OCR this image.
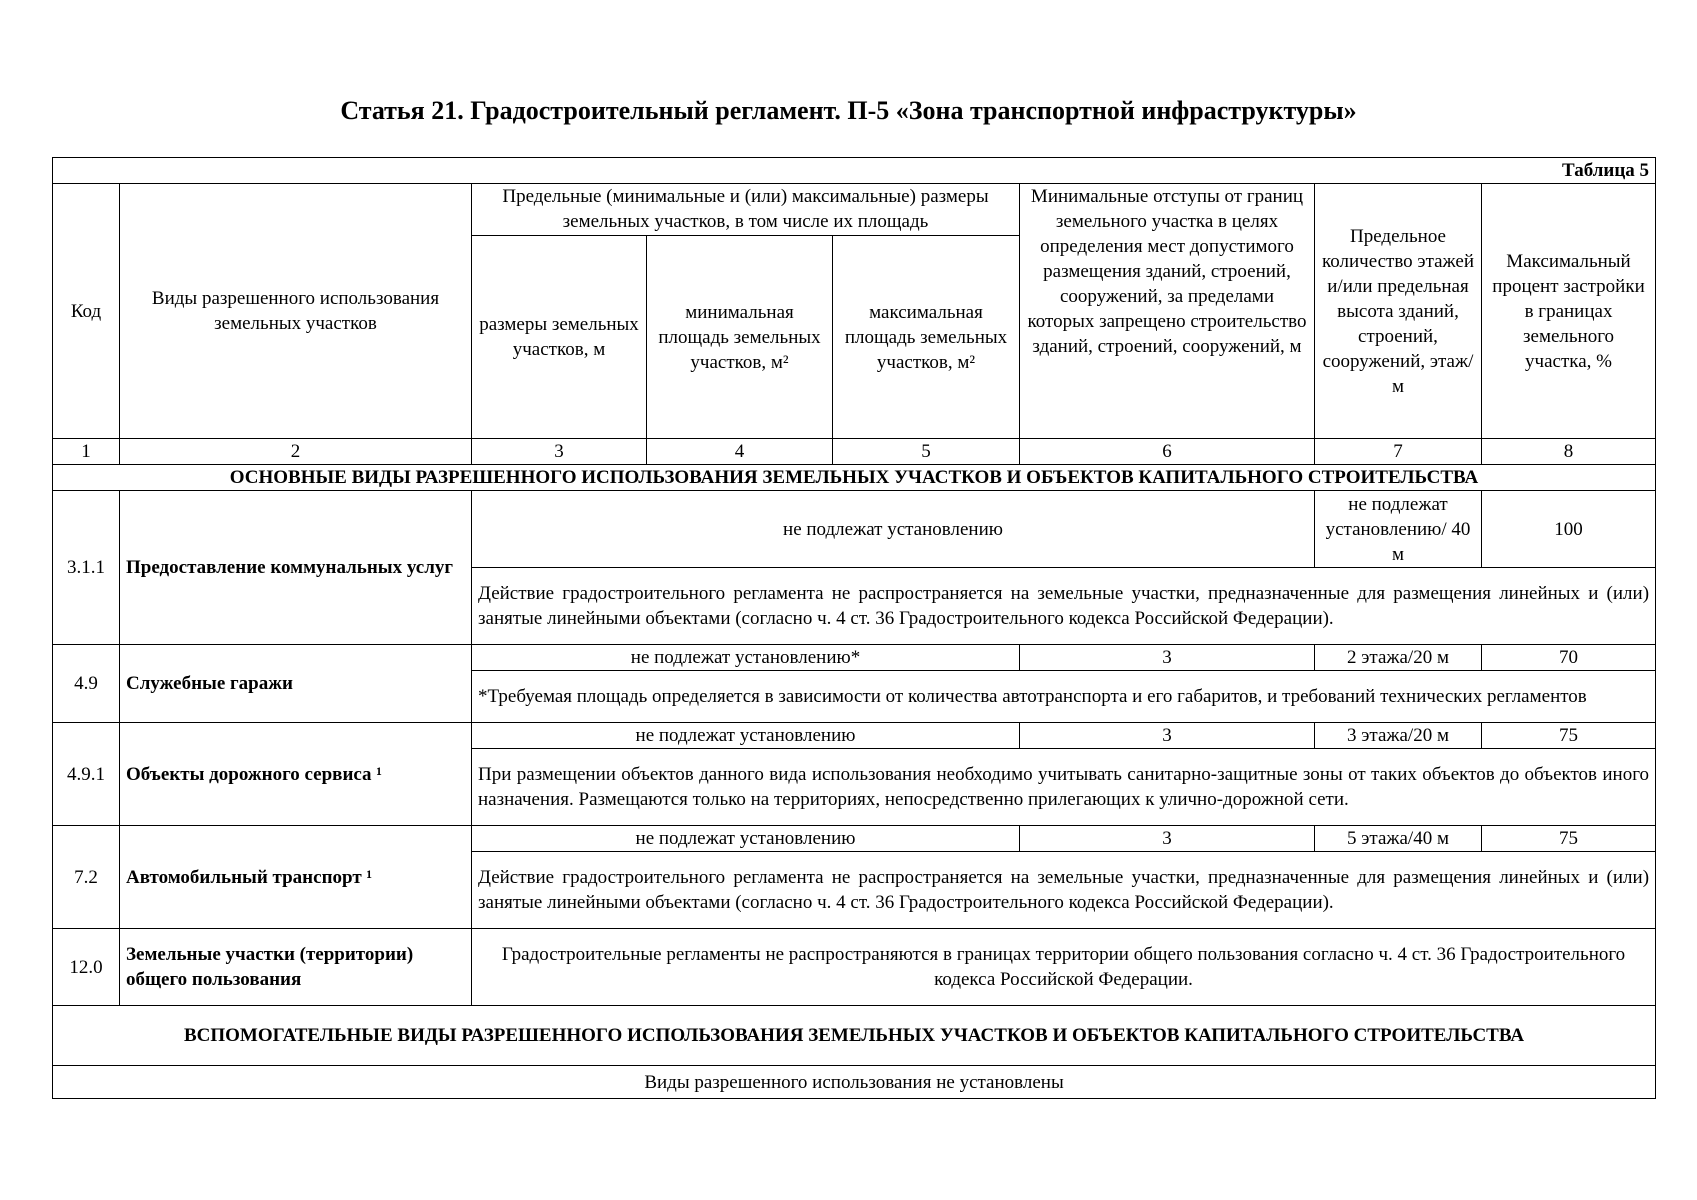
Статья 21. Градостроительный регламент. П-5 «Зона транспортной инфраструктуры»
Таблица 5							
Код	Виды разрешенного использования земельных участков	Предельные (минимальные и (или) максимальные) размеры земельных участков, в том числе их площадь			Минимальные отступы от границ земельного участка в целях определения мест допустимого размещения зданий, строений, сооружений, за пределами которых запрещено строительство зданий, строений, сооружений, м	Предельное количество этажей и/или предельная высота зданий, строений, сооружений, этаж/м	Максимальный процент застройки в границах земельного участка, %
		размеры земельных участков, м	минимальная площадь земельных участков, м²	максимальная площадь земельных участков, м²			
1	2	3	4	5	6	7	8
ОСНОВНЫЕ ВИДЫ РАЗРЕШЕННОГО ИСПОЛЬЗОВАНИЯ ЗЕМЕЛЬНЫХ УЧАСТКОВ И ОБЪЕКТОВ КАПИТАЛЬНОГО СТРОИТЕЛЬСТВА							
3.1.1	Предоставление коммунальных услуг	не подлежат установлению				не подлежат установлению/ 40 м	100
		Действие градостроительного регламента не распространяется на земельные участки, предназначенные для размещения линейных и (или) занятые линейными объектами (согласно ч. 4 ст. 36 Градостроительного кодекса Российской Федерации).					
4.9	Служебные гаражи	не подлежат установлению*			3	2 этажа/20 м	70
		*Требуемая площадь определяется в зависимости от количества автотранспорта и его габаритов, и требований технических регламентов					
4.9.1	Объекты дорожного сервиса ¹	не подлежат установлению			3	3 этажа/20 м	75
		При размещении объектов данного вида использования необходимо учитывать санитарно-защитные зоны от таких объектов до объектов иного назначения. Размещаются только на территориях, непосредственно прилегающих к улично-дорожной сети.					
7.2	Автомобильный транспорт ¹	не подлежат установлению			3	5 этажа/40 м	75
		Действие градостроительного регламента не распространяется на земельные участки, предназначенные для размещения линейных и (или) занятые линейными объектами (согласно ч. 4 ст. 36 Градостроительного кодекса Российской Федерации).					
12.0	Земельные участки (территории) общего пользования	Градостроительные регламенты не распространяются в границах территории общего пользования согласно ч. 4 ст. 36 Градостроительного кодекса Российской Федерации.					
ВСПОМОГАТЕЛЬНЫЕ ВИДЫ РАЗРЕШЕННОГО ИСПОЛЬЗОВАНИЯ ЗЕМЕЛЬНЫХ УЧАСТКОВ И ОБЪЕКТОВ КАПИТАЛЬНОГО СТРОИТЕЛЬСТВА							
Виды разрешенного использования не установлены							
